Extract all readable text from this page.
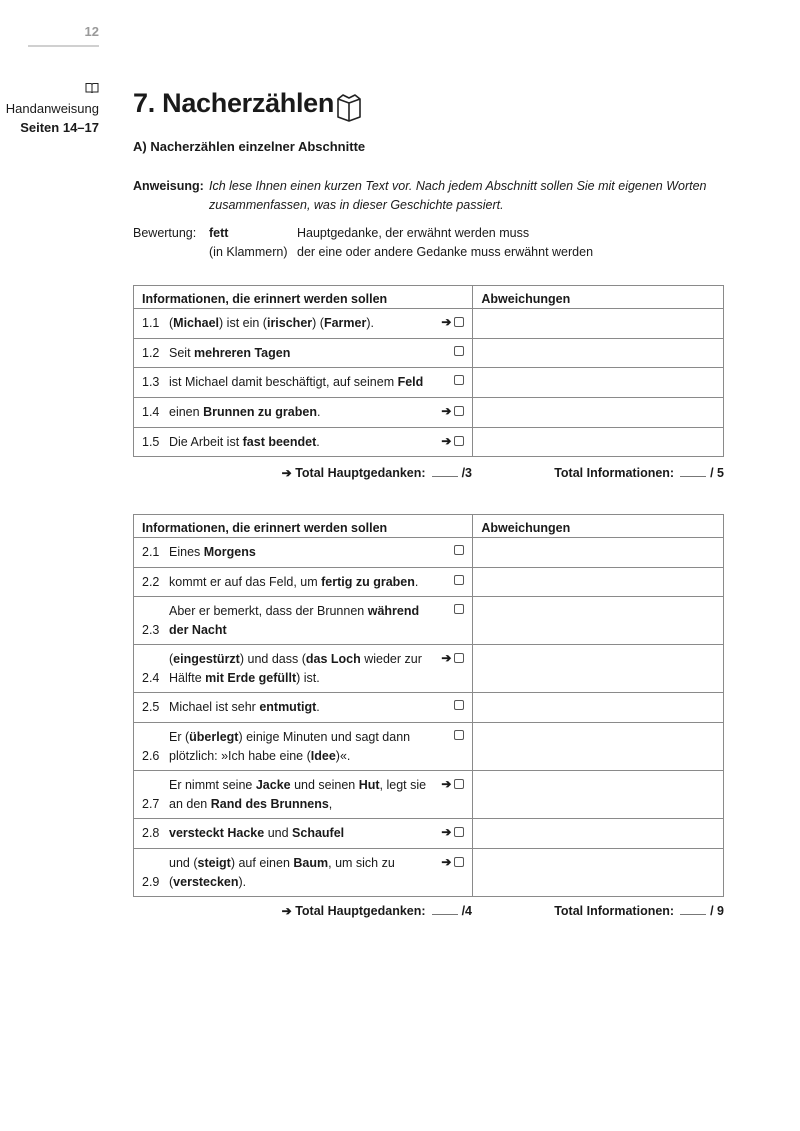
12
Handanweisung
Seiten 14–17
7. Nacherzählen
A) Nacherzählen einzelner Abschnitte
Anweisung: Ich lese Ihnen einen kurzen Text vor. Nach jedem Abschnitt sollen Sie mit eigenen Worten
zusammenfassen, was in dieser Geschichte passiert.
Bewertung: fett	Hauptgedanke, der erwähnt werden muss
(in Klammern) der eine oder andere Gedanke muss erwähnt werden
Informationen, die erinnert werden sollen	Abweichungen

1.1 (Michael) ist ein (irischer) (Farmer). ➔	

1.2 Seit mehreren Tagen	

1.3 ist Michael damit beschäftigt, auf seinem Feld	

1.4 einen Brunnen zu graben. ➔	

1.5 Die Arbeit ist fast beendet. ➔	

➔ Total Hauptgedanken:	/3	Total Informationen:	/ 5
Informationen, die erinnert werden sollen	Abweichungen

2.1 Eines Morgens	

2.2 kommt er auf das Feld, um fertig zu graben.	

2.3
Aber er bemerkt, dass der Brunnen während
der Nacht	

2.4
(eingestürzt) und dass (das Loch wieder zur
Hälfte mit Erde gefüllt) ist.
➔	

2.5 Michael ist sehr entmutigt.	

2.6
Er (überlegt) einige Minuten und sagt dann
plötzlich: »Ich habe eine (Idee)«.	

2.7
Er nimmt seine Jacke und seinen Hut, legt sie
an den Rand des Brunnens,
➔	

2.8 versteckt Hacke und Schaufel ➔	

2.9
und (steigt) auf einen Baum, um sich zu
(verstecken).
➔	

➔ Total Hauptgedanken:	/4	Total Informationen:	/ 9
